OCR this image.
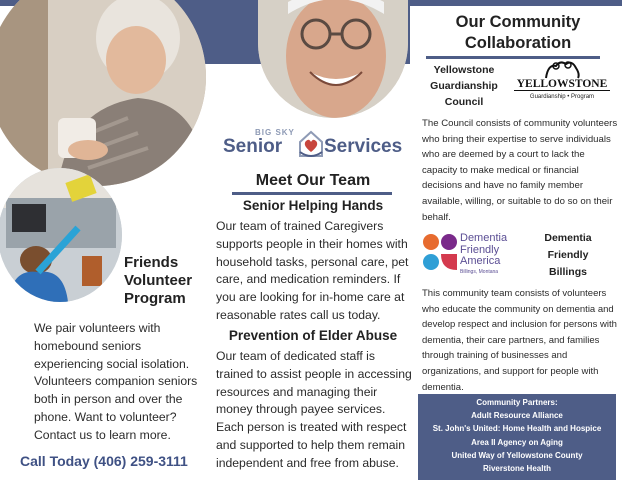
Friends Volunteer Program
We pair volunteers with homebound seniors experiencing social isolation. Volunteers companion seniors both in person and over the phone. Want to volunteer? Contact us to learn more.
Call Today (406) 259-3111
BIG SKY
Senior Services
Meet Our Team
Senior Helping Hands
Our team of trained Caregivers supports people in their homes with household tasks, personal care, pet care, and medication reminders. If you are looking for in-home care at reasonable rates call us today.
Prevention of Elder Abuse
Our team of dedicated staff is trained to assist people in accessing resources and managing their money through payee services. Each person is treated with respect and supported to help them remain independent and free from abuse.
Our Community Collaboration
Yellowstone Guardianship Council
YELLOWSTONE
Guardianship • Program
The Council consists of community volunteers who bring their expertise to serve individuals who are deemed by a court to lack the capacity to make medical or financial decisions and have no family member available, willing, or suitable to do so on their behalf.
Dementia
Friendly
America
Billings, Montana
Dementia Friendly Billings
This community team consists of volunteers who educate the community on dementia and develop respect and inclusion for persons with dementia, their care partners, and families through training of businesses and organizations, and support for people with dementia.
Community Partners:
Adult Resource Alliance
St. John's United: Home Health and Hospice
Area II Agency on Aging
United Way of Yellowstone County
Riverstone Health
